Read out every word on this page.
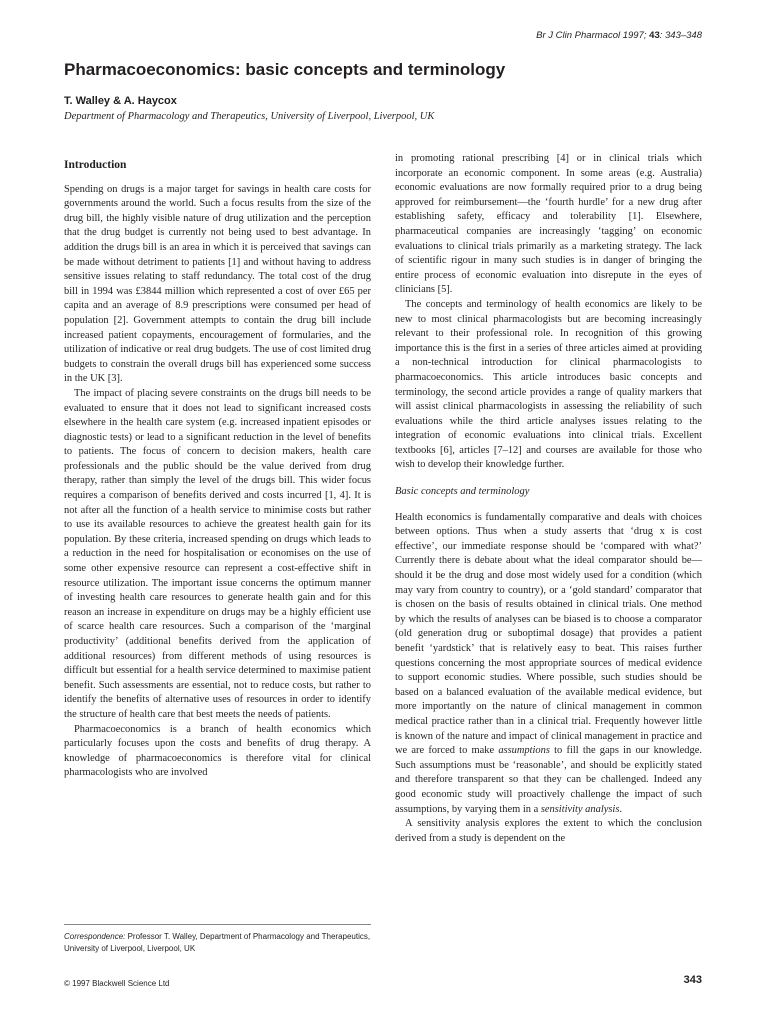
Br J Clin Pharmacol 1997; 43: 343–348
Pharmacoeconomics: basic concepts and terminology
T. Walley & A. Haycox
Department of Pharmacology and Therapeutics, University of Liverpool, Liverpool, UK
Introduction

Spending on drugs is a major target for savings in health care costs for governments around the world. Such a focus results from the size of the drug bill, the highly visible nature of drug utilization and the perception that the drug budget is currently not being used to best advantage. In addition the drugs bill is an area in which it is perceived that savings can be made without detriment to patients [1] and without having to address sensitive issues relating to staff redundancy. The total cost of the drug bill in 1994 was £3844 million which represented a cost of over £65 per capita and an average of 8.9 prescriptions were consumed per head of population [2]. Government attempts to contain the drug bill include increased patient copayments, encouragement of formularies, and the utilization of indicative or real drug budgets. The use of cost limited drug budgets to constrain the overall drugs bill has experienced some success in the UK [3].

The impact of placing severe constraints on the drugs bill needs to be evaluated to ensure that it does not lead to significant increased costs elsewhere in the health care system (e.g. increased inpatient episodes or diagnostic tests) or lead to a significant reduction in the level of benefits to patients. The focus of concern to decision makers, health care professionals and the public should be the value derived from drug therapy, rather than simply the level of the drugs bill. This wider focus requires a comparison of benefits derived and costs incurred [1, 4]. It is not after all the function of a health service to minimise costs but rather to use its available resources to achieve the greatest health gain for its population. By these criteria, increased spending on drugs which leads to a reduction in the need for hospitalisation or economises on the use of some other expensive resource can represent a cost-effective shift in resource utilization. The important issue concerns the optimum manner of investing health care resources to generate health gain and for this reason an increase in expenditure on drugs may be a highly efficient use of scarce health care resources. Such a comparison of the ‘marginal productivity’ (additional benefits derived from the application of additional resources) from different methods of using resources is difficult but essential for a health service determined to maximise patient benefit. Such assessments are essential, not to reduce costs, but rather to identify the benefits of alternative uses of resources in order to identify the structure of health care that best meets the needs of patients.

Pharmacoeconomics is a branch of health economics which particularly focuses upon the costs and benefits of drug therapy. A knowledge of pharmacoeconomics is therefore vital for clinical pharmacologists who are involved

in promoting rational prescribing [4] or in clinical trials which incorporate an economic component. In some areas (e.g. Australia) economic evaluations are now formally required prior to a drug being approved for reimbursement—the ‘fourth hurdle’ for a new drug after establishing safety, efficacy and tolerability [1]. Elsewhere, pharmaceutical companies are increasingly ‘tagging’ on economic evaluations to clinical trials primarily as a marketing strategy. The lack of scientific rigour in many such studies is in danger of bringing the entire process of economic evaluation into disrepute in the eyes of clinicians [5].

The concepts and terminology of health economics are likely to be new to most clinical pharmacologists but are becoming increasingly relevant to their professional role. In recognition of this growing importance this is the first in a series of three articles aimed at providing a non-technical introduction for clinical pharmacologists to pharmacoeconomics. This article introduces basic concepts and terminology, the second article provides a range of quality markers that will assist clinical pharmacologists in assessing the reliability of such evaluations while the third article analyses issues relating to the integration of economic evaluations into clinical trials. Excellent textbooks [6], articles [7–12] and courses are available for those who wish to develop their knowledge further.

Basic concepts and terminology

Health economics is fundamentally comparative and deals with choices between options. Thus when a study asserts that ‘drug x is cost effective’, our immediate response should be ‘compared with what?’ Currently there is debate about what the ideal comparator should be—should it be the drug and dose most widely used for a condition (which may vary from country to country), or a ‘gold standard’ comparator that is chosen on the basis of results obtained in clinical trials. One method by which the results of analyses can be biased is to choose a comparator (old generation drug or suboptimal dosage) that provides a patient benefit ‘yardstick’ that is relatively easy to beat. This raises further questions concerning the most appropriate sources of medical evidence to support economic studies. Where possible, such studies should be based on a balanced evaluation of the available medical evidence, but more importantly on the nature of clinical management in common medical practice rather than in a clinical trial. Frequently however little is known of the nature and impact of clinical management in practice and we are forced to make assumptions to fill the gaps in our knowledge. Such assumptions must be ‘reasonable’, and should be explicitly stated and therefore transparent so that they can be challenged. Indeed any good economic study will proactively challenge the impact of such assumptions, by varying them in a sensitivity analysis.

A sensitivity analysis explores the extent to which the conclusion derived from a study is dependent on the

Correspondence: Professor T. Walley, Department of Pharmacology and Therapeutics, University of Liverpool, Liverpool, UK
© 1997 Blackwell Science Ltd	343
